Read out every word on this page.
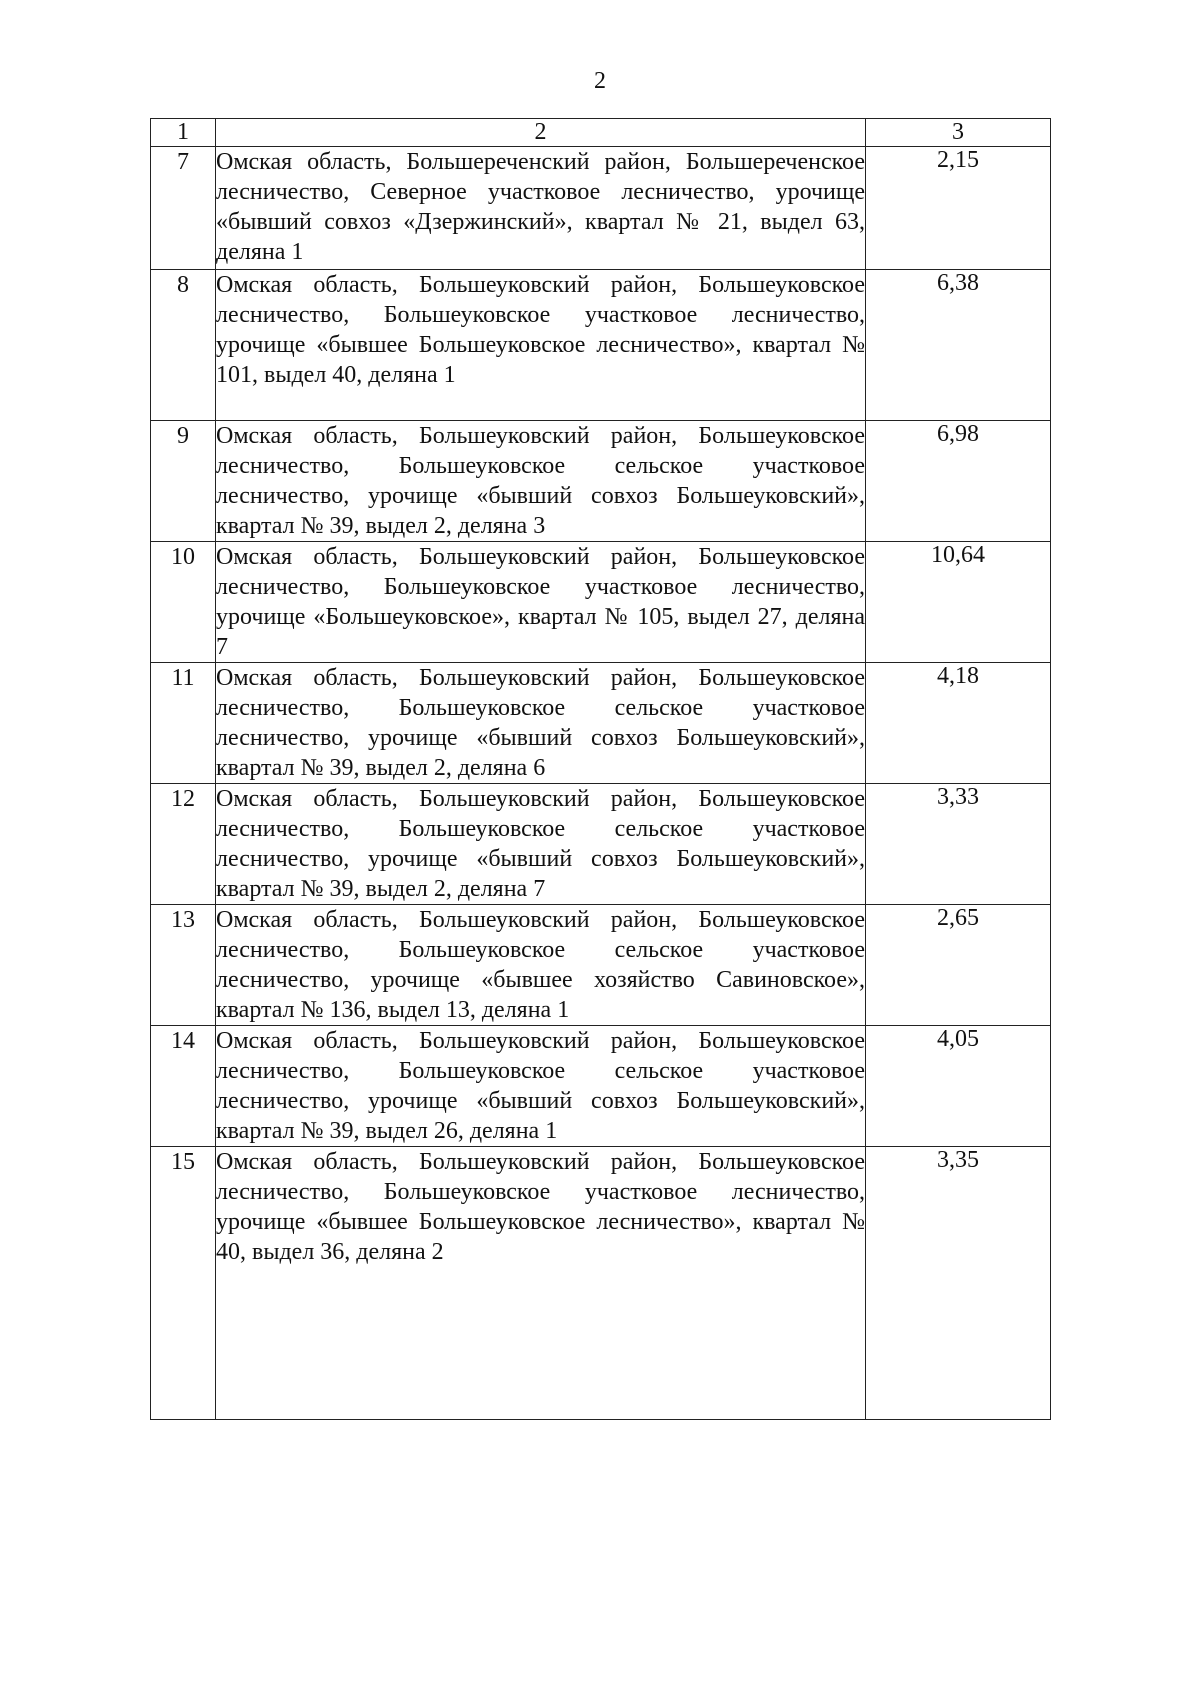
2
1	2	3
7	Омская область, Большереченский район, Большереченское лесничество, Северное участковое лесничество, урочище «бывший совхоз «Дзержинский», квартал № 21, выдел 63, деляна 1	2,15
8	Омская область, Большеуковский район, Большеуковское лесничество, Большеуковское участковое лесничество, урочище «бывшее Большеуковское лесничество», квартал № 101, выдел 40, деляна 1	6,38
9	Омская область, Большеуковский район, Большеуковское лесничество, Большеуковское сельское участковое лесничество, урочище «бывший совхоз Большеуковский», квартал № 39, выдел 2, деляна 3	6,98
10	Омская область, Большеуковский район, Большеуковское лесничество, Большеуковское участковое лесничество, урочище «Большеуковское», квартал № 105, выдел 27, деляна 7	10,64
11	Омская область, Большеуковский район, Большеуковское лесничество, Большеуковское сельское участковое лесничество, урочище «бывший совхоз Большеуковский», квартал № 39, выдел 2, деляна 6	4,18
12	Омская область, Большеуковский район, Большеуковское лесничество, Большеуковское сельское участковое лесничество, урочище «бывший совхоз Большеуковский», квартал № 39, выдел 2, деляна 7	3,33
13	Омская область, Большеуковский район, Большеуковское лесничество, Большеуковское сельское участковое лесничество, урочище «бывшее хозяйство Савиновское», квартал № 136, выдел 13, деляна 1	2,65
14	Омская область, Большеуковский район, Большеуковское лесничество, Большеуковское сельское участковое лесничество, урочище «бывший совхоз Большеуковский», квартал № 39, выдел 26, деляна 1	4,05
15	Омская область, Большеуковский район, Большеуковское лесничество, Большеуковское участковое лесничество, урочище «бывшее Большеуковское лесничество», квартал № 40, выдел 36, деляна 2	3,35
